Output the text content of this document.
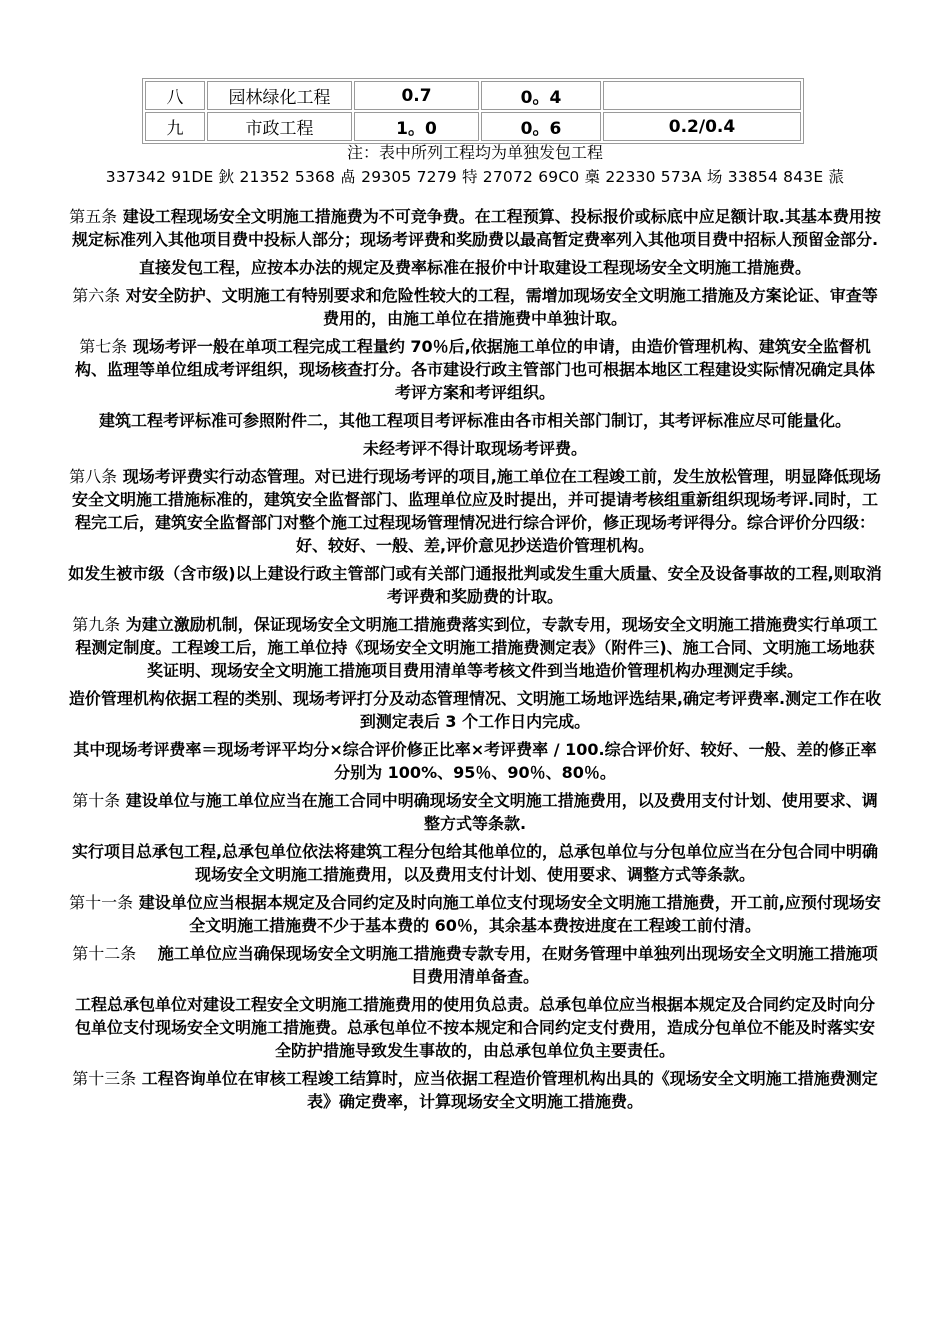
八	园林绿化工程	0.7	0。4	
九	市政工程	1。0	0。6	0.2/0.4
注：表中所列工程均为单独发包工程
337342 91DE 鈥 21352 5368 卨 29305 7279 特 27072 69C0 槀 22330 573A 场 33854 843E 蒎
第五条 建设工程现场安全文明施工措施费为不可竞争费。在工程预算、投标报价或标底中应足额计取.其基本费用按规定标准列入其他项目费中投标人部分；现场考评费和奖励费以最高暂定费率列入其他项目费中招标人预留金部分.
直接发包工程，应按本办法的规定及费率标准在报价中计取建设工程现场安全文明施工措施费。
第六条 对安全防护、文明施工有特别要求和危险性较大的工程，需增加现场安全文明施工措施及方案论证、审查等费用的，由施工单位在措施费中单独计取。
第七条 现场考评一般在单项工程完成工程量约 70％后,依据施工单位的申请，由造价管理机构、建筑安全监督机构、监理等单位组成考评组织，现场核查打分。各市建设行政主管部门也可根据本地区工程建设实际情况确定具体考评方案和考评组织。
建筑工程考评标准可参照附件二，其他工程项目考评标准由各市相关部门制订，其考评标准应尽可能量化。
未经考评不得计取现场考评费。
第八条 现场考评费实行动态管理。对已进行现场考评的项目,施工单位在工程竣工前，发生放松管理，明显降低现场安全文明施工措施标准的，建筑安全监督部门、监理单位应及时提出，并可提请考核组重新组织现场考评.同时，工程完工后，建筑安全监督部门对整个施工过程现场管理情况进行综合评价，修正现场考评得分。综合评价分四级：好、较好、一般、差,评价意见抄送造价管理机构。
如发生被市级（含市级)以上建设行政主管部门或有关部门通报批判或发生重大质量、安全及设备事故的工程,则取消考评费和奖励费的计取。
第九条 为建立激励机制，保证现场安全文明施工措施费落实到位，专款专用，现场安全文明施工措施费实行单项工程测定制度。工程竣工后，施工单位持《现场安全文明施工措施费测定表》（附件三)、施工合同、文明施工场地获奖证明、现场安全文明施工措施项目费用清单等考核文件到当地造价管理机构办理测定手续。
造价管理机构依据工程的类别、现场考评打分及动态管理情况、文明施工场地评选结果,确定考评费率.测定工作在收到测定表后 3 个工作日内完成。
其中现场考评费率＝现场考评平均分×综合评价修正比率×考评费率 / 100.综合评价好、较好、一般、差的修正率分别为 100%、95％、90％、80％。
第十条 建设单位与施工单位应当在施工合同中明确现场安全文明施工措施费用，以及费用支付计划、使用要求、调整方式等条款.
实行项目总承包工程,总承包单位依法将建筑工程分包给其他单位的，总承包单位与分包单位应当在分包合同中明确现场安全文明施工措施费用，以及费用支付计划、使用要求、调整方式等条款。
第十一条 建设单位应当根据本规定及合同约定及时向施工单位支付现场安全文明施工措施费，开工前,应预付现场安全文明施工措施费不少于基本费的 60％，其余基本费按进度在工程竣工前付清。
第十二条　 施工单位应当确保现场安全文明施工措施费专款专用，在财务管理中单独列出现场安全文明施工措施项目费用清单备查。
工程总承包单位对建设工程安全文明施工措施费用的使用负总责。总承包单位应当根据本规定及合同约定及时向分包单位支付现场安全文明施工措施费。总承包单位不按本规定和合同约定支付费用，造成分包单位不能及时落实安全防护措施导致发生事故的，由总承包单位负主要责任。
第十三条 工程咨询单位在审核工程竣工结算时，应当依据工程造价管理机构出具的《现场安全文明施工措施费测定表》确定费率，计算现场安全文明施工措施费。
